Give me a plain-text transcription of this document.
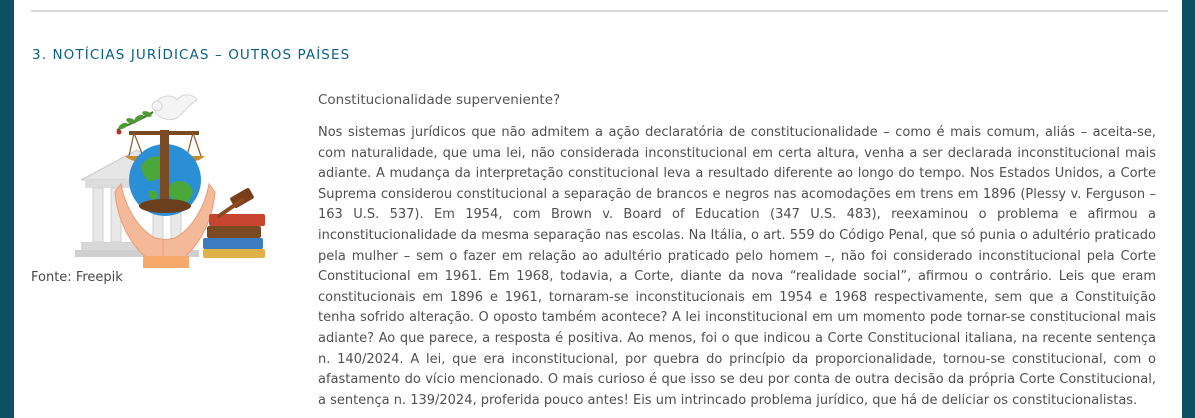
3. NOTÍCIAS JURÍDICAS – OUTROS PAÍSES
Fonte: Freepik
Constitucionalidade superveniente?

Nos sistemas jurídicos que não admitem a ação declaratória de constitucionalidade – como é mais comum, aliás – aceita-se, com naturalidade, que uma lei, não considerada inconstitucional em certa altura, venha a ser declarada inconstitucional mais adiante. A mudança da interpretação constitucional leva a resultado diferente ao longo do tempo. Nos Estados Unidos, a Corte Suprema considerou constitucional a separação de brancos e negros nas acomodações em trens em 1896 (Plessy v. Ferguson – 163 U.S. 537). Em 1954, com Brown v. Board of Education (347 U.S. 483), reexaminou o problema e afirmou a inconstitucionalidade da mesma separação nas escolas. Na Itália, o art. 559 do Código Penal, que só punia o adultério praticado pela mulher – sem o fazer em relação ao adultério praticado pelo homem –, não foi considerado inconstitucional pela Corte Constitucional em 1961. Em 1968, todavia, a Corte, diante da nova “realidade social”, afirmou o contrário. Leis que eram constitucionais em 1896 e 1961, tornaram-se inconstitucionais em 1954 e 1968 respectivamente, sem que a Constituição tenha sofrido alteração. O oposto também acontece? A lei inconstitucional em um momento pode tornar-se constitucional mais adiante? Ao que parece, a resposta é positiva. Ao menos, foi o que indicou a Corte Constitucional italiana, na recente sentença n. 140/2024. A lei, que era inconstitucional, por quebra do princípio da proporcionalidade, tornou-se constitucional, com o afastamento do vício mencionado. O mais curioso é que isso se deu por conta de outra decisão da própria Corte Constitucional, a sentença n. 139/2024, proferida pouco antes! Eis um intrincado problema jurídico, que há de deliciar os constitucionalistas.
